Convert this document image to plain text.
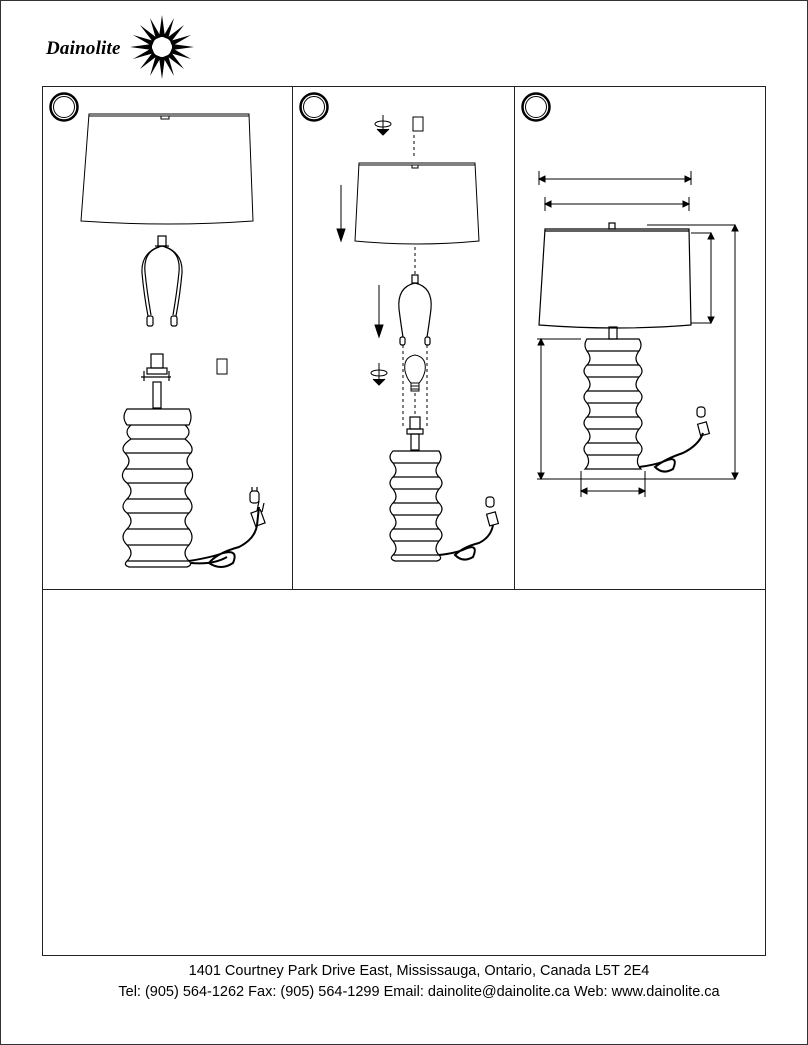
Dainolite
1401 Courtney Park Drive East, Mississauga, Ontario, Canada L5T 2E4
Tel: (905) 564-1262 Fax: (905) 564-1299 Email: dainolite@dainolite.ca Web: www.dainolite.ca
